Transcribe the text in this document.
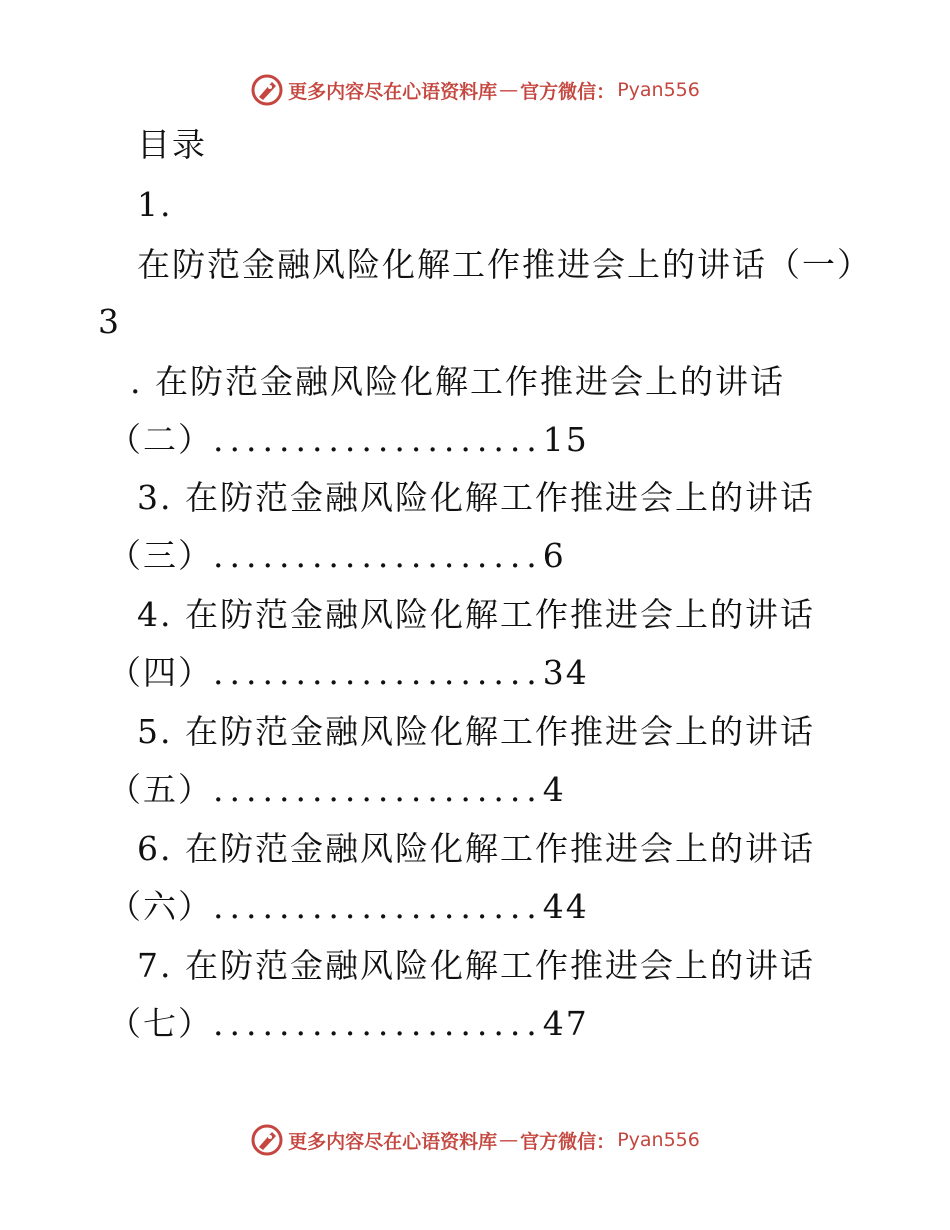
更多内容尽在心语资料库 — 官方微信： Pyan556
目录
1.
在防范金融风险化解工作推进会上的讲话（一）
3
. 在防范金融风险化解工作推进会上的讲话
（二）....................15
3. 在防范金融风险化解工作推进会上的讲话
（三）....................6
4. 在防范金融风险化解工作推进会上的讲话
（四）....................34
5. 在防范金融风险化解工作推进会上的讲话
（五）....................4
6. 在防范金融风险化解工作推进会上的讲话
（六）....................44
7. 在防范金融风险化解工作推进会上的讲话
（七）....................47
更多内容尽在心语资料库 — 官方微信： Pyan556
